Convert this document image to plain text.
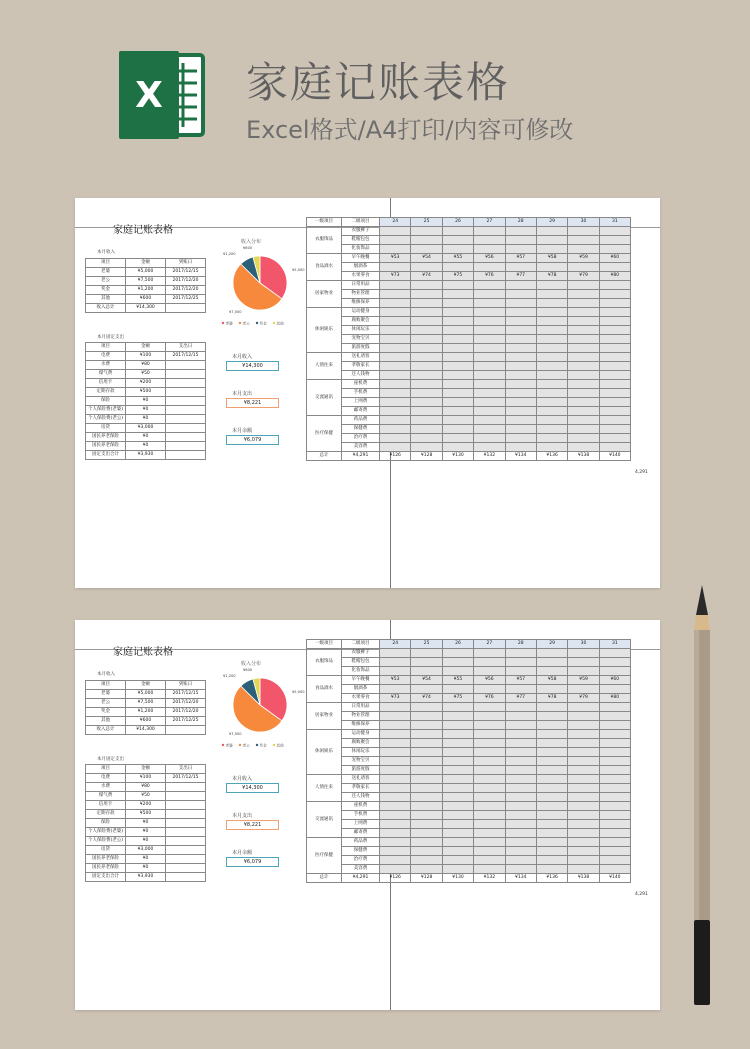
X 家庭记账表格
Excel格式/A4打印/内容可修改
家庭记账表格
本月收入
项目	金额	到账日
老婆	¥5,000	2017/12/15
老公	¥7,500	2017/12/20
奖金	¥1,200	2017/12/20
其他	¥600	2017/12/25
收入总计	¥14,300	
本月固定支出
项目	金额	支出日
电费	¥100	2017/12/15
水费	¥80	
煤气费	¥50	
信用卡	¥200	
定期存款	¥500	
保险	¥0	
个人保险费(老婆)	¥0	
个人保险费(老公)	¥0	
房贷	¥3,000	
国民养老保险	¥0	
国民养老保险	¥0	
固定支出合计	¥3,930	
收入分布
¥5,000
¥7,500
¥1,200
¥600
老婆	老公	奖金	其他
本月收入
¥14,300
本月支出
¥8,221
本月余额
¥6,079
一级项目	二级项目	24	25	26	27	28	29	30	31
衣服饰品	衣服裤子								
	鞋帽包包								
	化妆饰品								
食品酒水	早午晚餐	¥53	¥54	¥55	¥56	¥57	¥58	¥59	¥60
	烟酒茶								
	水果零食	¥73	¥74	¥75	¥76	¥77	¥78	¥79	¥80
居家物业	日常用品								
	物业管理								
	维修保养								
休闲娱乐	运动健身								
	腐败聚会								
	休闲玩乐								
	宠物宝贝								
	旅游度假								
人情往来	送礼请客								
	孝敬家长								
	还人钱物								
交流通讯	座机费								
	手机费								
	上网费								
	邮寄费								
医疗保健	药品费								
	保健费								
	治疗费								
	美容费								
总计	¥4,291	¥126	¥128	¥130	¥132	¥134	¥136	¥138	¥140
4,291
家庭记账表格
本月收入
项目	金额	到账日
老婆	¥5,000	2017/12/15
老公	¥7,500	2017/12/20
奖金	¥1,200	2017/12/20
其他	¥600	2017/12/25
收入总计	¥14,300	
本月固定支出
项目	金额	支出日
电费	¥100	2017/12/15
水费	¥80	
煤气费	¥50	
信用卡	¥200	
定期存款	¥500	
保险	¥0	
个人保险费(老婆)	¥0	
个人保险费(老公)	¥0	
房贷	¥3,000	
国民养老保险	¥0	
国民养老保险	¥0	
固定支出合计	¥3,930	
收入分布
¥5,000
¥7,500
¥1,200
¥600
老婆	老公	奖金	其他
本月收入
¥14,300
本月支出
¥8,221
本月余额
¥6,079
一级项目	二级项目	24	25	26	27	28	29	30	31
衣服饰品	衣服裤子								
	鞋帽包包								
	化妆饰品								
食品酒水	早午晚餐	¥53	¥54	¥55	¥56	¥57	¥58	¥59	¥60
	烟酒茶								
	水果零食	¥73	¥74	¥75	¥76	¥77	¥78	¥79	¥80
居家物业	日常用品								
	物业管理								
	维修保养								
休闲娱乐	运动健身								
	腐败聚会								
	休闲玩乐								
	宠物宝贝								
	旅游度假								
人情往来	送礼请客								
	孝敬家长								
	还人钱物								
交流通讯	座机费								
	手机费								
	上网费								
	邮寄费								
医疗保健	药品费								
	保健费								
	治疗费								
	美容费								
总计	¥4,291	¥126	¥128	¥130	¥132	¥134	¥136	¥138	¥140
4,291
